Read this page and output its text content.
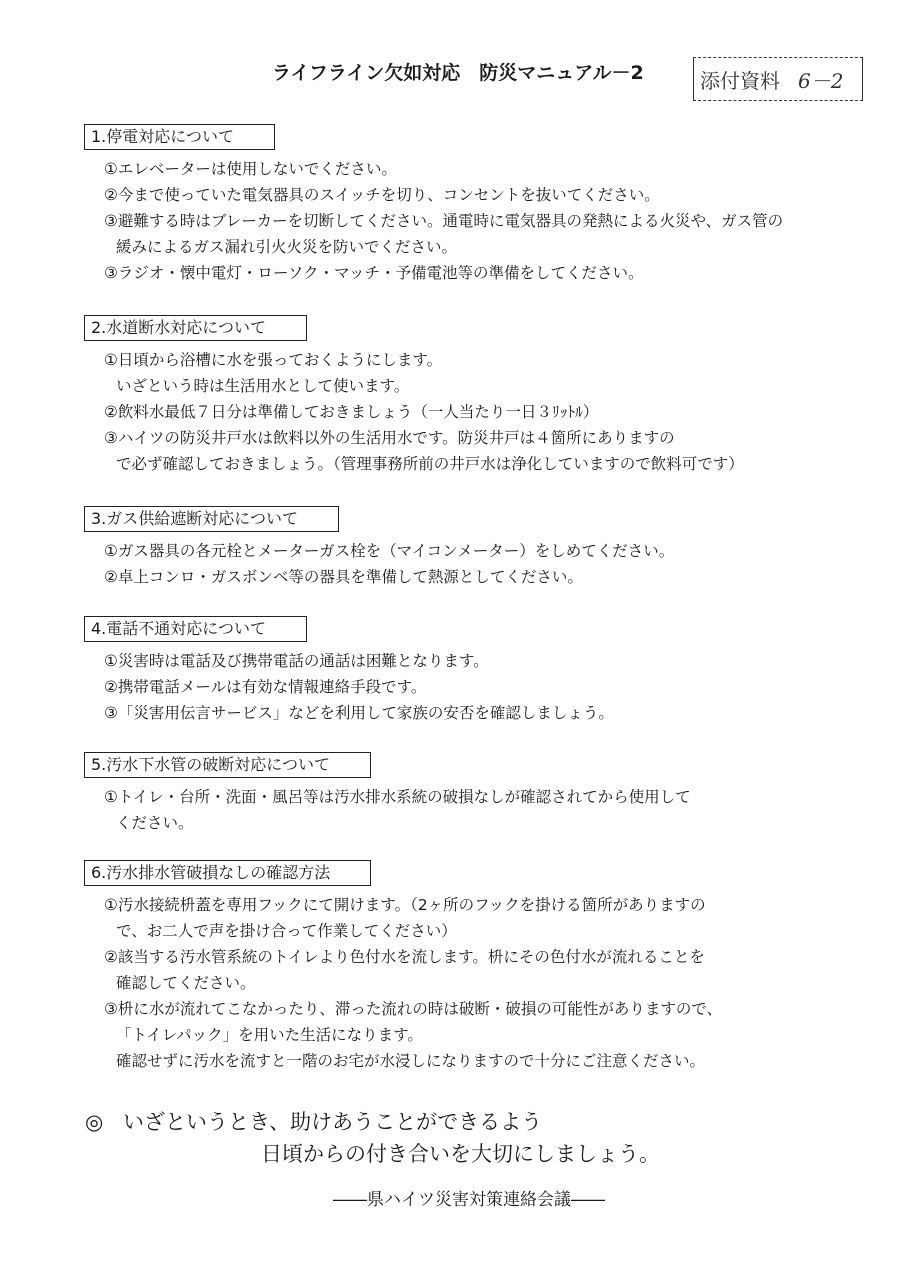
ライフライン欠如対応　防災マニュアル－2	添付資料 6－2
1.停電対応について
①エレベーターは使用しないでください。
②今まで使っていた電気器具のスイッチを切り、コンセントを抜いてください。
③避難する時はブレーカーを切断してください。通電時に電気器具の発熱による火災や、ガス管の
緩みによるガス漏れ引火火災を防いでください。
③ラジオ・懐中電灯・ローソク・マッチ・予備電池等の準備をしてください。
2.水道断水対応について
①日頃から浴槽に水を張っておくようにします。
いざという時は生活用水として使います。
②飲料水最低７日分は準備しておきましょう（一人当たり一日３ﾘｯﾄﾙ）
③ハイツの防災井戸水は飲料以外の生活用水です。防災井戸は４箇所にありますの
で必ず確認しておきましょう。（管理事務所前の井戸水は浄化していますので飲料可です）
3.ガス供給遮断対応について
①ガス器具の各元栓とメーターガス栓を（マイコンメーター）をしめてください。
②卓上コンロ・ガスボンベ等の器具を準備して熱源としてください。
4.電話不通対応について
①災害時は電話及び携帯電話の通話は困難となります。
②携帯電話メールは有効な情報連絡手段です。
③「災害用伝言サービス」などを利用して家族の安否を確認しましょう。
5.汚水下水管の破断対応について
①トイレ・台所・洗面・風呂等は汚水排水系統の破損なしが確認されてから使用して
ください。
6.汚水排水管破損なしの確認方法
①汚水接続枡蓋を専用フックにて開けます。（2ヶ所のフックを掛ける箇所がありますの
で、お二人で声を掛け合って作業してください）
②該当する汚水管系統のトイレより色付水を流します。枡にその色付水が流れることを
確認してください。
③枡に水が流れてこなかったり、滞った流れの時は破断・破損の可能性がありますので、
「トイレパック」を用いた生活になります。
確認せずに汚水を流すと一階のお宅が水浸しになりますので十分にご注意ください。
◎ いざというとき、助けあうことができるよう
日頃からの付き合いを大切にしましょう。
――県ハイツ災害対策連絡会議――
